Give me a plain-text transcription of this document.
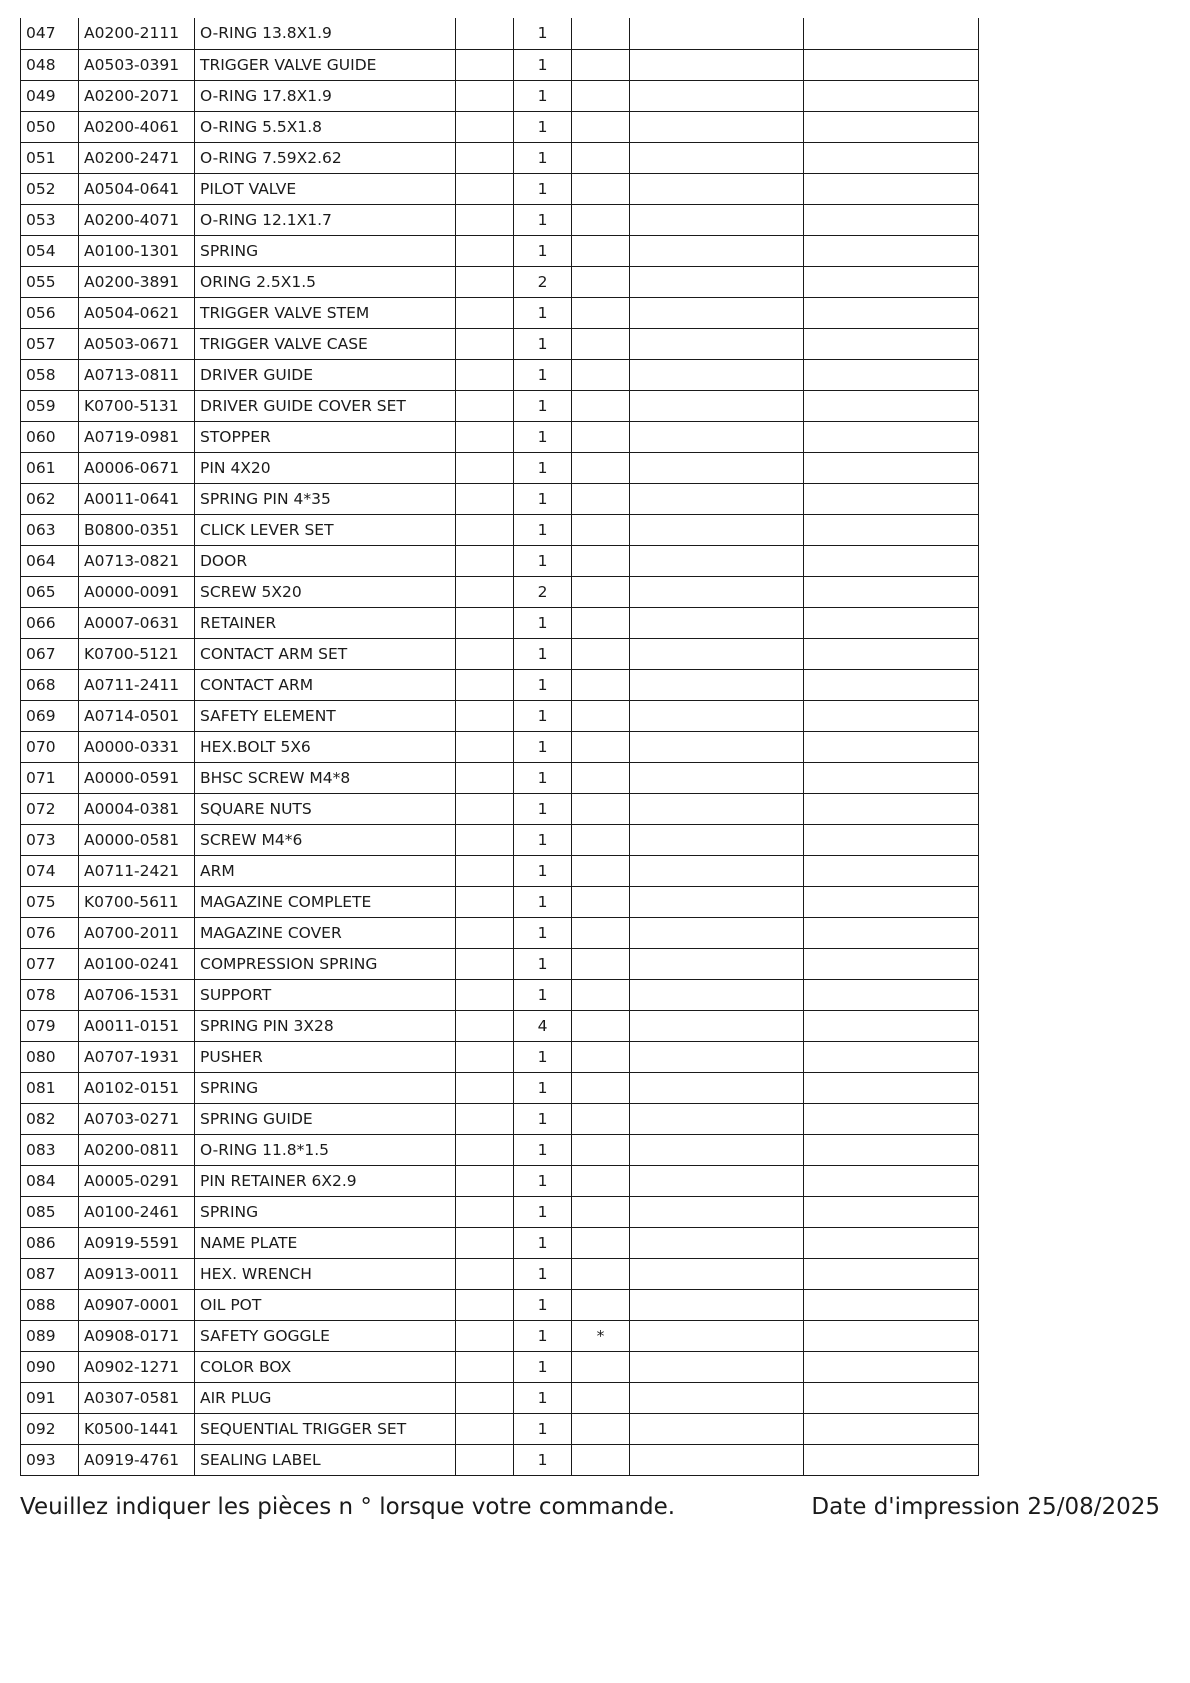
047	A0200-2111	O-RING 13.8X1.9		1			
048	A0503-0391	TRIGGER VALVE GUIDE		1			
049	A0200-2071	O-RING 17.8X1.9		1			
050	A0200-4061	O-RING 5.5X1.8		1			
051	A0200-2471	O-RING 7.59X2.62		1			
052	A0504-0641	PILOT VALVE		1			
053	A0200-4071	O-RING 12.1X1.7		1			
054	A0100-1301	SPRING		1			
055	A0200-3891	ORING 2.5X1.5		2			
056	A0504-0621	TRIGGER VALVE STEM		1			
057	A0503-0671	TRIGGER VALVE CASE		1			
058	A0713-0811	DRIVER GUIDE		1			
059	K0700-5131	DRIVER GUIDE COVER SET		1			
060	A0719-0981	STOPPER		1			
061	A0006-0671	PIN 4X20		1			
062	A0011-0641	SPRING PIN 4*35		1			
063	B0800-0351	CLICK LEVER SET		1			
064	A0713-0821	DOOR		1			
065	A0000-0091	SCREW 5X20		2			
066	A0007-0631	RETAINER		1			
067	K0700-5121	CONTACT ARM SET		1			
068	A0711-2411	CONTACT ARM		1			
069	A0714-0501	SAFETY ELEMENT		1			
070	A0000-0331	HEX.BOLT 5X6		1			
071	A0000-0591	BHSC SCREW M4*8		1			
072	A0004-0381	SQUARE NUTS		1			
073	A0000-0581	SCREW M4*6		1			
074	A0711-2421	ARM		1			
075	K0700-5611	MAGAZINE COMPLETE		1			
076	A0700-2011	MAGAZINE COVER		1			
077	A0100-0241	COMPRESSION SPRING		1			
078	A0706-1531	SUPPORT		1			
079	A0011-0151	SPRING PIN 3X28		4			
080	A0707-1931	PUSHER		1			
081	A0102-0151	SPRING		1			
082	A0703-0271	SPRING GUIDE		1			
083	A0200-0811	O-RING 11.8*1.5		1			
084	A0005-0291	PIN RETAINER 6X2.9		1			
085	A0100-2461	SPRING		1			
086	A0919-5591	NAME PLATE		1			
087	A0913-0011	HEX. WRENCH		1			
088	A0907-0001	OIL POT		1			
089	A0908-0171	SAFETY GOGGLE		1	*		
090	A0902-1271	COLOR BOX		1			
091	A0307-0581	AIR PLUG		1			
092	K0500-1441	SEQUENTIAL TRIGGER SET		1			
093	A0919-4761	SEALING LABEL		1			
Veuillez indiquer les pièces n ° lorsque votre commande.	Date d'impression 25/08/2025
